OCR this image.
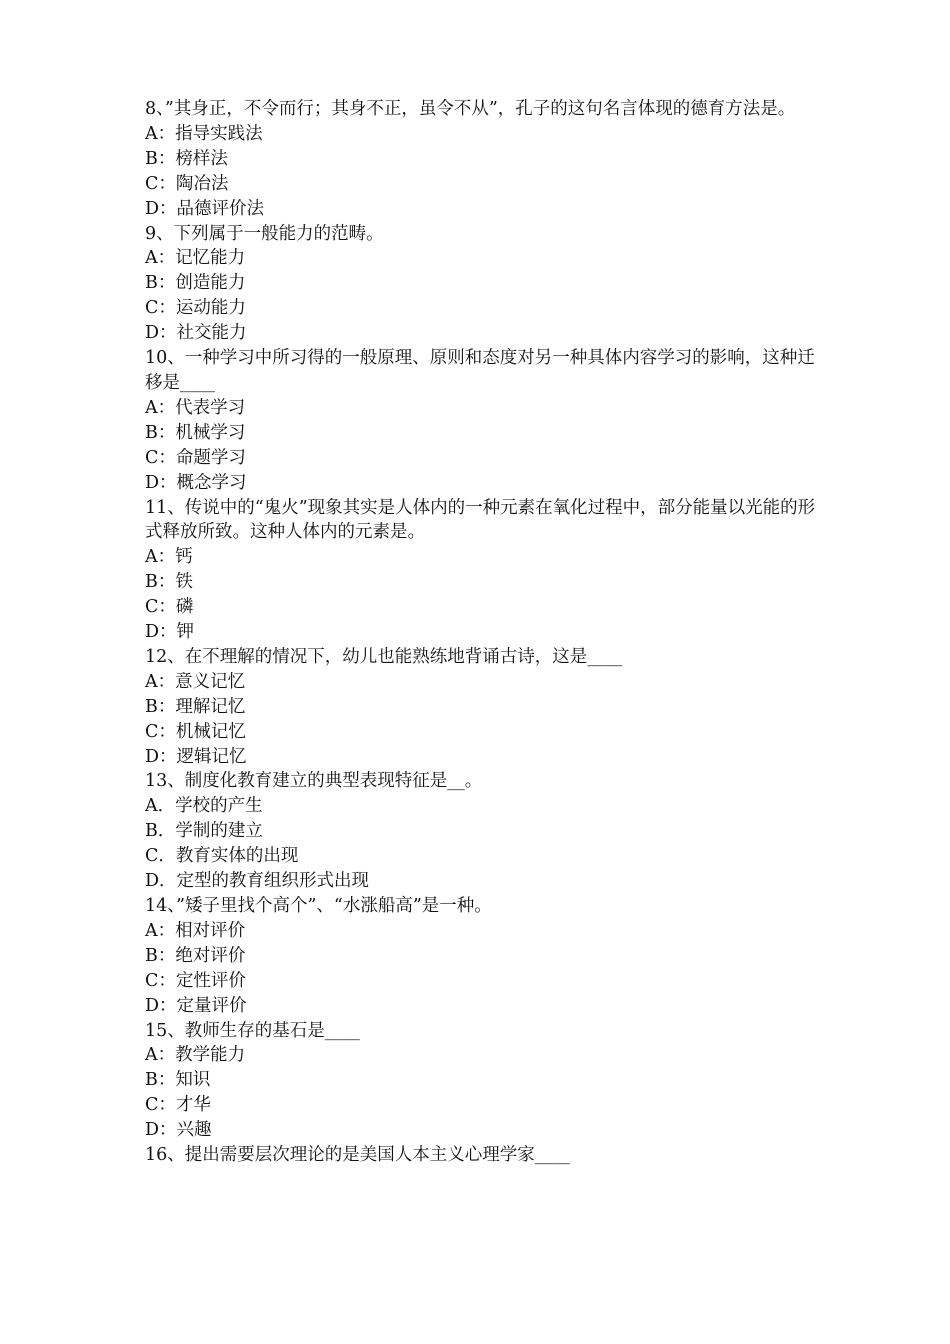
8、”其身正，不令而行；其身不正，虽令不从”，孔子的这句名言体现的德育方法是。
A：指导实践法
B：榜样法
C：陶冶法
D：品德评价法
9、下列属于一般能力的范畴。
A：记忆能力
B：创造能力
C：运动能力
D：社交能力
10、一种学习中所习得的一般原理、原则和态度对另一种具体内容学习的影响，这种迁移是____
A：代表学习
B：机械学习
C：命题学习
D：概念学习
11、传说中的“鬼火”现象其实是人体内的一种元素在氧化过程中，部分能量以光能的形式释放所致。这种人体内的元素是。
A：钙
B：铁
C：磷
D：钾
12、在不理解的情况下，幼儿也能熟练地背诵古诗，这是____
A：意义记忆
B：理解记忆
C：机械记忆
D：逻辑记忆
13、制度化教育建立的典型表现特征是__。
A．学校的产生
B．学制的建立
C．教育实体的出现
D．定型的教育组织形式出现
14、”矮子里找个高个”、“水涨船高”是一种。
A：相对评价
B：绝对评价
C：定性评价
D：定量评价
15、教师生存的基石是____
A：教学能力
B：知识
C：才华
D：兴趣
16、提出需要层次理论的是美国人本主义心理学家____
